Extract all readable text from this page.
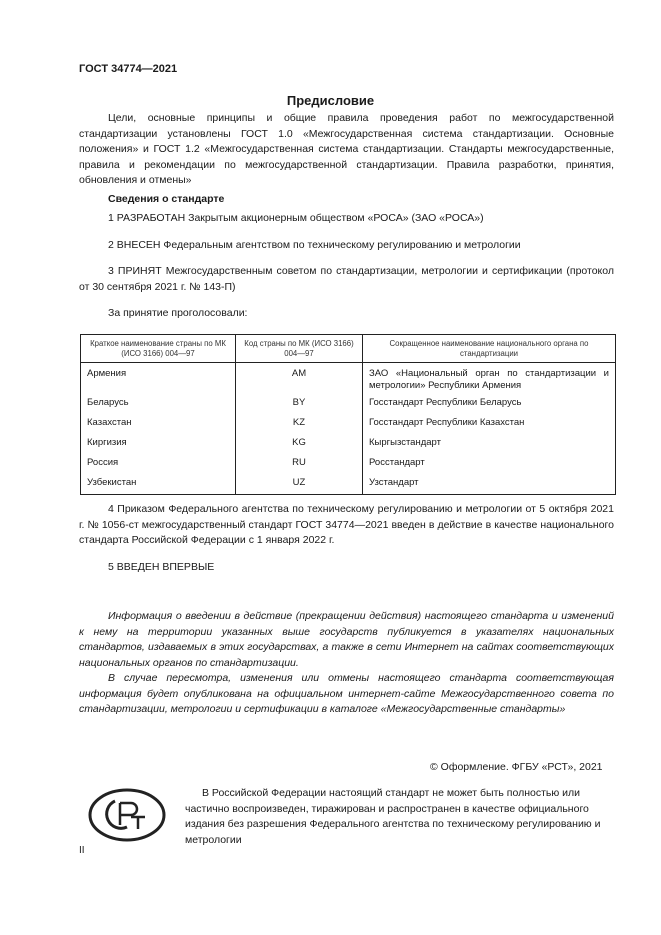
ГОСТ 34774—2021
Предисловие
Цели, основные принципы и общие правила проведения работ по межгосударственной стандартизации установлены ГОСТ 1.0 «Межгосударственная система стандартизации. Основные положения» и ГОСТ 1.2 «Межгосударственная система стандартизации. Стандарты межгосударственные, правила и рекомендации по межгосударственной стандартизации. Правила разработки, принятия, обновления и отмены»
Сведения о стандарте
1 РАЗРАБОТАН Закрытым акционерным обществом «РОСА» (ЗАО «РОСА»)
2 ВНЕСЕН Федеральным агентством по техническому регулированию и метрологии
3 ПРИНЯТ Межгосударственным советом по стандартизации, метрологии и сертификации (протокол от 30 сентября 2021 г. № 143-П)
За принятие проголосовали:
Краткое наименование страны по МК (ИСО 3166) 004—97	Код страны по МК (ИСО 3166) 004—97	Сокращенное наименование национального органа по стандартизации
Армения	AM	ЗАО «Национальный орган по стандартизации и метрологии» Республики Армения
Беларусь	BY	Госстандарт Республики Беларусь
Казахстан	KZ	Госстандарт Республики Казахстан
Киргизия	KG	Кыргызстандарт
Россия	RU	Росстандарт
Узбекистан	UZ	Узстандарт
4 Приказом Федерального агентства по техническому регулированию и метрологии от 5 октября 2021 г. № 1056-ст межгосударственный стандарт ГОСТ 34774—2021 введен в действие в качестве национального стандарта Российской Федерации с 1 января 2022 г.
5 ВВЕДЕН ВПЕРВЫЕ
Информация о введении в действие (прекращении действия) настоящего стандарта и изменений к нему на территории указанных выше государств публикуется в указателях национальных стандартов, издаваемых в этих государствах, а также в сети Интернет на сайтах соответствующих национальных органов по стандартизации.
В случае пересмотра, изменения или отмены настоящего стандарта соответствующая информация будет опубликована на официальном интернет-сайте Межгосударственного совета по стандартизации, метрологии и сертификации в каталоге «Межгосударственные стандарты»
© Оформление. ФГБУ «РСТ», 2021
В Российской Федерации настоящий стандарт не может быть полностью или частично воспроизведен, тиражирован и распространен в качестве официального издания без разрешения Федерального агентства по техническому регулированию и метрологии
II
